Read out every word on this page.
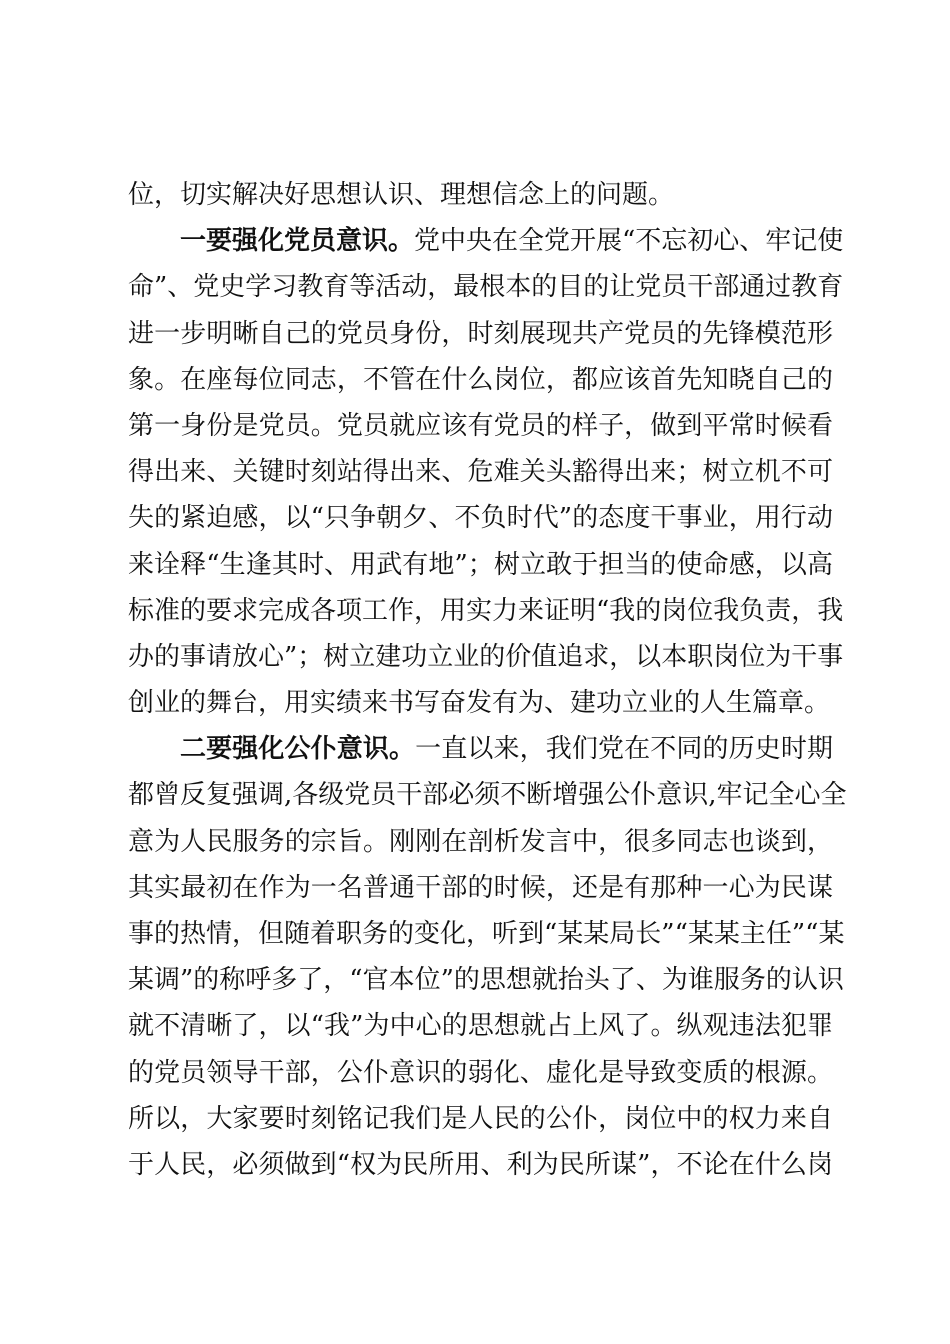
位，切实解决好思想认识、理想信念上的问题。
一要强化党员意识。党中央在全党开展“不忘初心、牢记使
命”、党史学习教育等活动，最根本的目的让党员干部通过教育
进一步明晰自己的党员身份，时刻展现共产党员的先锋模范形
象。在座每位同志，不管在什么岗位，都应该首先知晓自己的
第一身份是党员。党员就应该有党员的样子，做到平常时候看
得出来、关键时刻站得出来、危难关头豁得出来；树立机不可
失的紧迫感，以“只争朝夕、不负时代”的态度干事业，用行动
来诠释“生逢其时、用武有地”；树立敢于担当的使命感，以高
标准的要求完成各项工作，用实力来证明“我的岗位我负责，我
办的事请放心”；树立建功立业的价值追求，以本职岗位为干事
创业的舞台，用实绩来书写奋发有为、建功立业的人生篇章。
二要强化公仆意识。一直以来，我们党在不同的历史时期
都曾反复强调,各级党员干部必须不断增强公仆意识,牢记全心全
意为人民服务的宗旨。刚刚在剖析发言中，很多同志也谈到，
其实最初在作为一名普通干部的时候，还是有那种一心为民谋
事的热情，但随着职务的变化，听到“某某局长”“某某主任”“某
某调”的称呼多了，“官本位”的思想就抬头了、为谁服务的认识
就不清晰了，以“我”为中心的思想就占上风了。纵观违法犯罪
的党员领导干部，公仆意识的弱化、虚化是导致变质的根源。
所以，大家要时刻铭记我们是人民的公仆，岗位中的权力来自
于人民，必须做到“权为民所用、利为民所谋”，不论在什么岗
